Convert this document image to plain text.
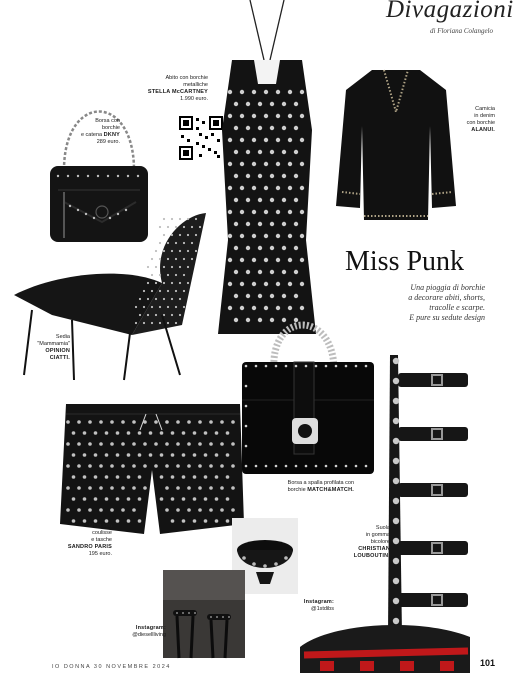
Divagazioni
di Floriana Colangelo
Borsa con
borchie
e catena DKNY
289 euro.
Abito con borchie
metalliche
STELLA McCARTNEY
1.990 euro.
Camicia
in denim
con borchie
ALANUI.
Sedia
"Mammamia"
OPINION
CIATTI.
Miss Punk
Una pioggia di borchie
a decorare abiti, shorts,
tracolle e scarpe.
E pure su sedute design
Borsa a spalla profilata con
borchie MATCH&MATCH.
Suola
in gomma
bicolore
CHRISTIAN
LOUBOUTIN.
Short con
coulisse
e tasche
SANDRO PARIS
195 euro.
Instagram:
@1stdibs
Instagram:
@diesellliving
IO DONNA 30 NOVEMBRE 2024	101
